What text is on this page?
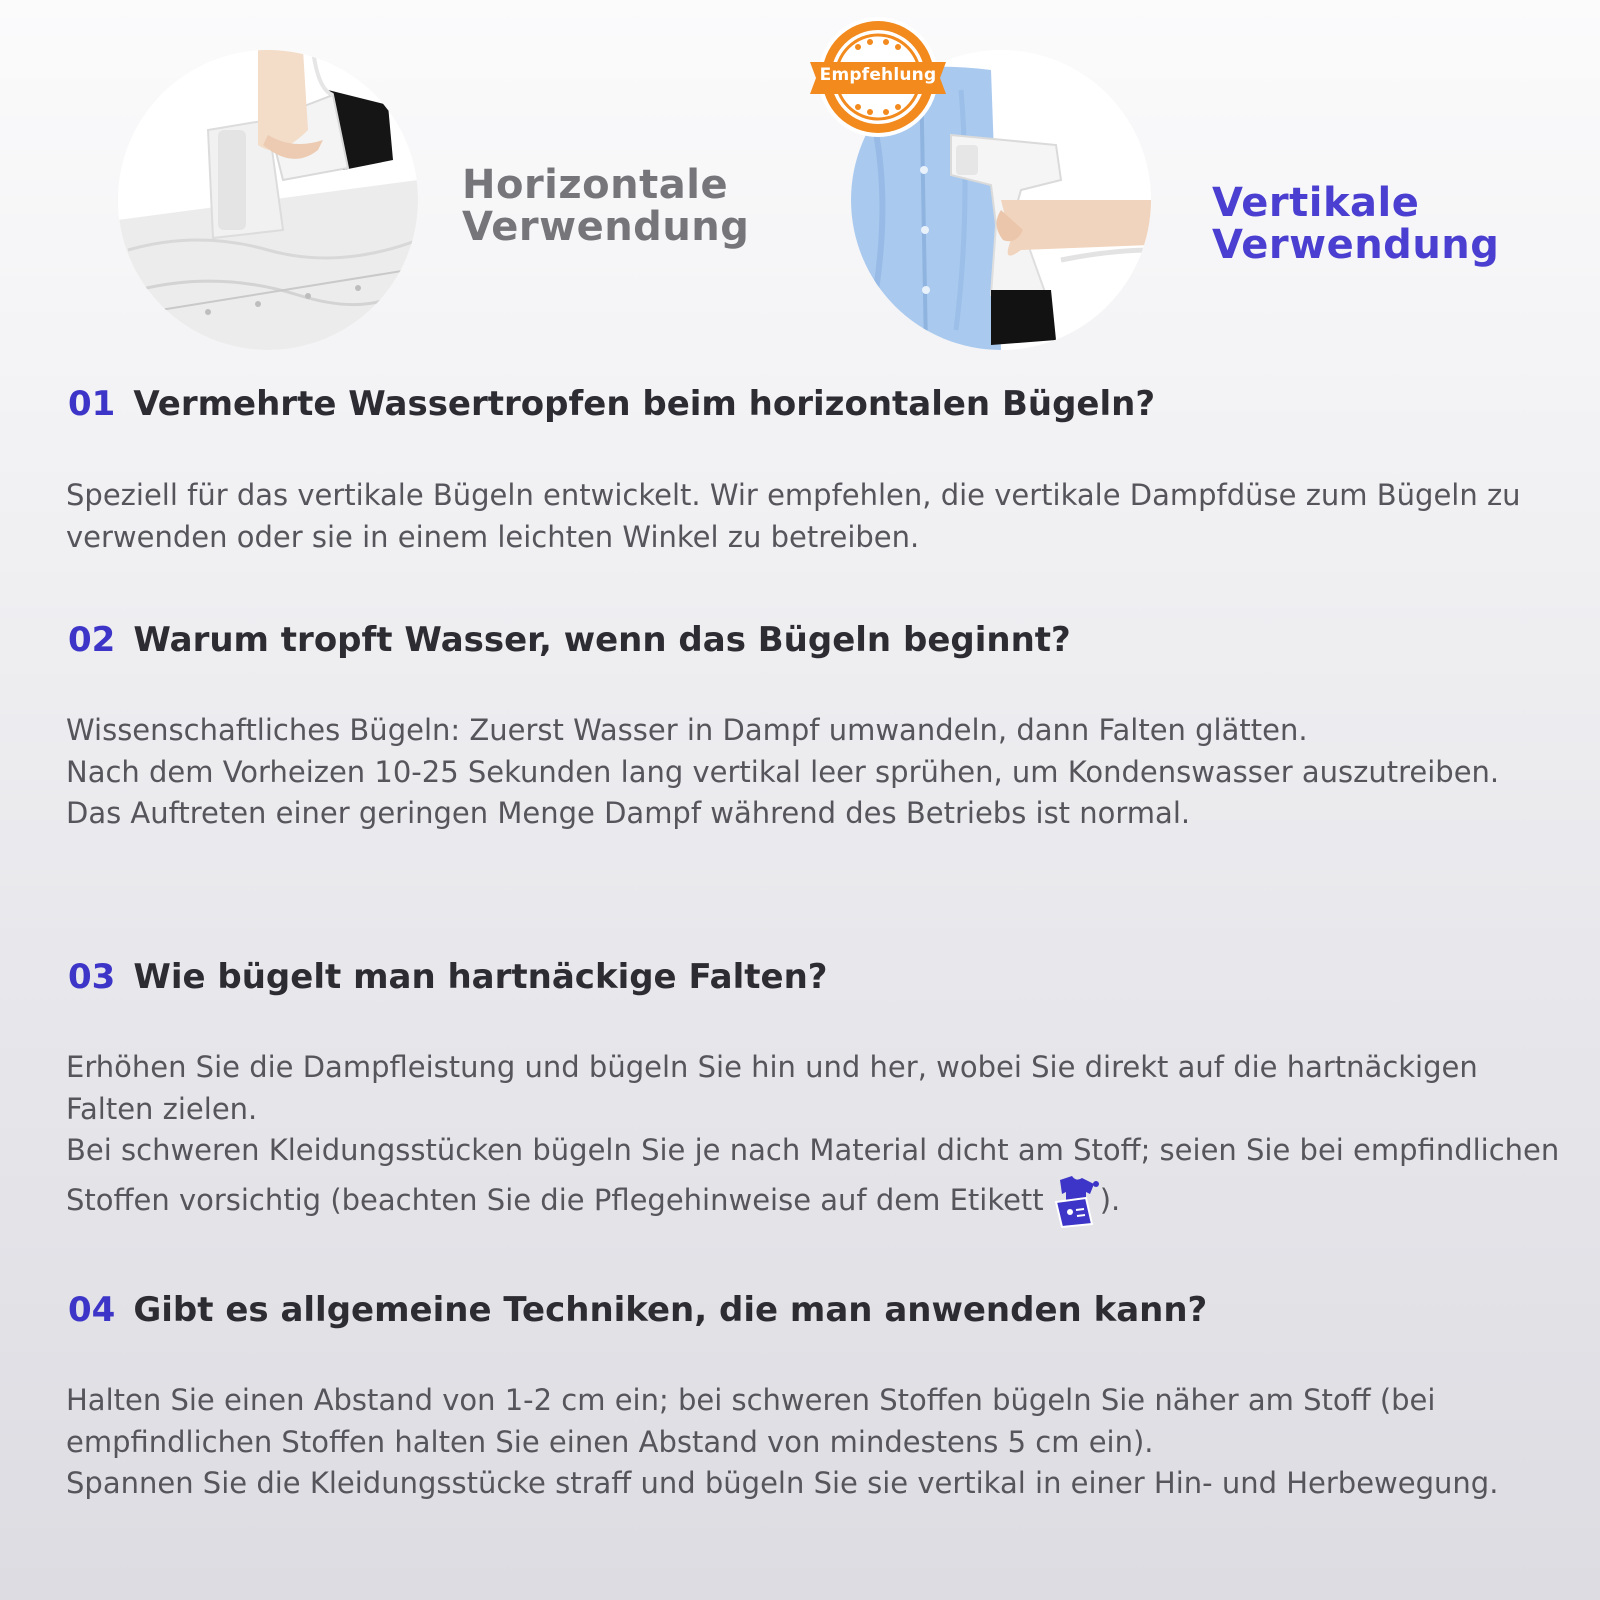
Horizontale
Verwendung
Empfehlung
Vertikale
Verwendung
01 Vermehrte Wassertropfen beim horizontalen Bügeln?

Speziell für das vertikale Bügeln entwickelt. Wir empfehlen, die vertikale Dampfdüse zum Bügeln zu verwenden oder sie in einem leichten Winkel zu betreiben.

02 Warum tropft Wasser, wenn das Bügeln beginnt?

Wissenschaftliches Bügeln: Zuerst Wasser in Dampf umwandeln, dann Falten glätten.

Nach dem Vorheizen 10-25 Sekunden lang vertikal leer sprühen, um Kondenswasser auszutreiben.

Das Auftreten einer geringen Menge Dampf während des Betriebs ist normal.

03 Wie bügelt man hartnäckige Falten?

Erhöhen Sie die Dampfleistung und bügeln Sie hin und her, wobei Sie direkt auf die hartnäckigen Falten zielen.

Bei schweren Kleidungsstücken bügeln Sie je nach Material dicht am Stoff; seien Sie bei empfindlichen Stoffen vorsichtig (beachten Sie die Pflegehinweise auf dem Etikett ).

04 Gibt es allgemeine Techniken, die man anwenden kann?

Halten Sie einen Abstand von 1-2 cm ein; bei schweren Stoffen bügeln Sie näher am Stoff (bei empfindlichen Stoffen halten Sie einen Abstand von mindestens 5 cm ein).

Spannen Sie die Kleidungsstücke straff und bügeln Sie sie vertikal in einer Hin- und Herbewegung.
